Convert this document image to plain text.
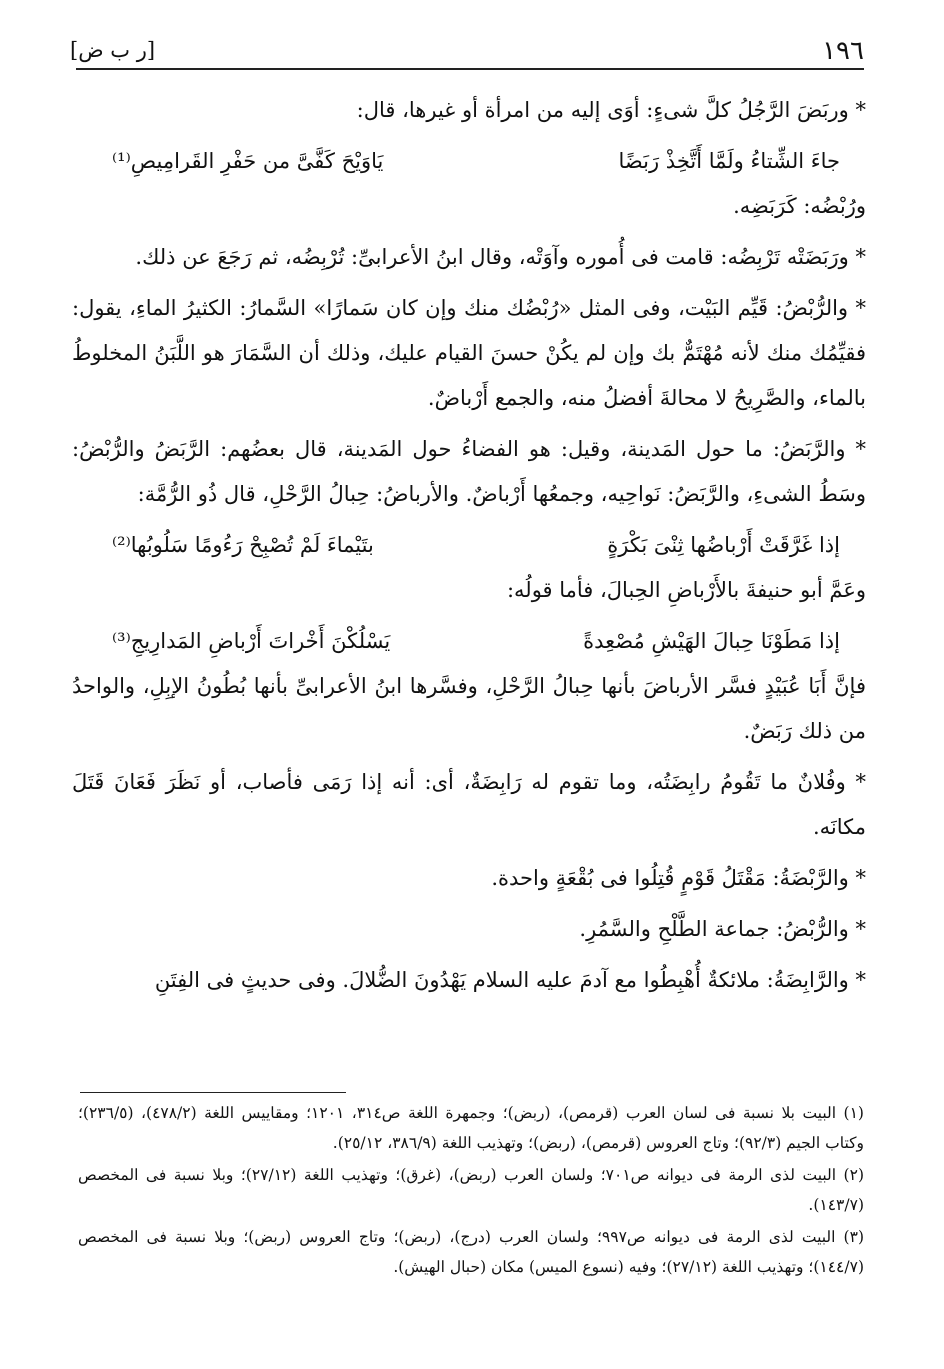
١٩٦
[ر ب ض]

* وربَضَ الرَّجُلُ كلَّ شىءٍ: أوَى إليه من امرأة أو غيرها، قال:

جاءَ الشِّتاءُ ولَمَّا أَتَّخِذْ رَبَضًا
يَاوَيْحَ كَفَّىَّ من حَفْرِ القَرامِيصِ⁽¹⁾

ورُبْضُه: كَرَبَضِه.

* ورَبَضَتْه تَرْبِضُه: قامت فى أُموره وآوَتْه، وقال ابنُ الأعرابىِّ: تُرْبِضُه، ثم رَجَعَ عن ذلك.

* والرُّبْضُ: قَيِّم البَيْت، وفى المثل «رُبْضُك منك وإن كان سَمارًا» السَّمارُ: الكثيرُ الماءِ، يقول: فقيِّمُك منك لأنه مُهْتَمٌّ بك وإن لم يكُنْ حسنَ القيام عليك، وذلك أن السَّمَارَ هو اللَّبَنُ المخلوطُ بالماء، والصَّرِيحُ لا محالةَ أفضلُ منه، والجمع أَرْباضٌ.

* والرَّبَضُ: ما حول المَدينة، وقيل: هو الفضاءُ حول المَدينة، قال بعضُهم: الرَّبَضُ والرُّبْضُ: وسَطُ الشىءِ، والرَّبَضُ: نَواحِيه، وجمعُها أَرْباضٌ. والأرباضُ: حِبالُ الرَّحْلِ، قال ذُو الرُّمَّة:

إذا غَرَّقَتْ أَرْباضُها ثِنْىَ بَكْرَةٍ
بتَيْماءَ لَمْ تُصْبِحْ رَءُومًا سَلُوبُها⁽²⁾

وعَمَّ أبو حنيفةَ بالأَرْباضِ الحِبالَ، فأما قولُه:

إذا مَطَوْنَا حِبالَ الهَيْشِ مُصْعِدةً
يَسْلُكْنَ أَخْراتَ أَرْباضِ المَدارِيجِ⁽³⁾

فإنَّ أَبَا عُبَيْدٍ فسَّر الأرباضَ بأنها حِبالُ الرَّحْلِ، وفسَّرها ابنُ الأعرابىِّ بأنها بُطُونُ الإبِلِ، والواحدُ من ذلك رَبَضٌ.

* وفُلانٌ ما تَقُومُ رابِضَتُه، وما تقوم له رَابِضَةٌ، أى: أنه إذا رَمَى فأصاب، أو نَظَرَ فَعَانَ قَتَلَ مكانَه.

* والرَّبْضَةُ: مَقْتَلُ قَوْمٍ قُتِلُوا فى بُقْعَةٍ واحدة.

* والرُّبْضُ: جماعة الطَّلْحِ والسَّمُرِ.

* والرَّابِضَةُ: ملائكةٌ أُهْبِطُوا مع آدمَ عليه السلام يَهْدُونَ الضُّلالَ. وفى حديثٍ فى الفِتَنِ

(١) البيت بلا نسبة فى لسان العرب (قرمص)، (ربض)؛ وجمهرة اللغة ص٣١٤، ١٢٠١؛ ومقاييس اللغة (٤٧٨/٢)، (٢٣٦/٥)؛ وكتاب الجيم (٩٢/٣)؛ وتاج العروس (قرمص)، (ربض)؛ وتهذيب اللغة (٣٨٦/٩، ٢٥/١٢).

(٢) البيت لذى الرمة فى ديوانه ص٧٠١؛ ولسان العرب (ربض)، (غرق)؛ وتهذيب اللغة (٢٧/١٢)؛ وبلا نسبة فى المخصص (١٤٣/٧).

(٣) البيت لذى الرمة فى ديوانه ص٩٩٧؛ ولسان العرب (درج)، (ربض)؛ وتاج العروس (ربض)؛ وبلا نسبة فى المخصص (١٤٤/٧)؛ وتهذيب اللغة (٢٧/١٢)؛ وفيه (نسوع الميس) مكان (حبال الهيش).
